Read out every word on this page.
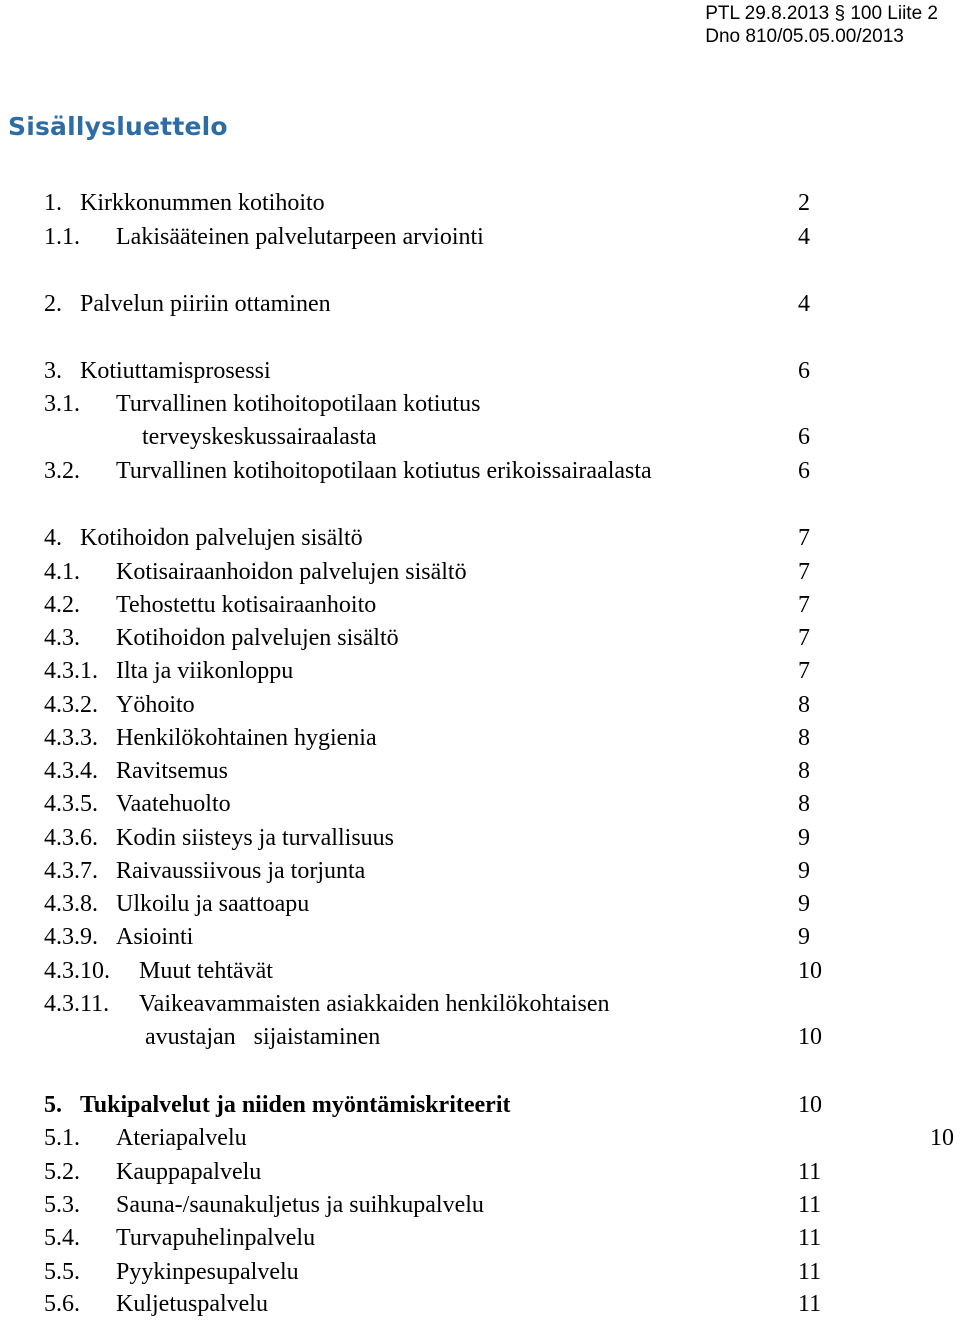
PTL 29.8.2013 § 100 Liite 2
Dno 810/05.05.00/2013
Sisällysluettelo
1. Kirkkonummen kotihoito	2
1.1. Lakisääteinen palvelutarpeen arviointi	4
2. Palvelun piiriin ottaminen	4
3. Kotiuttamisprosessi	6
3.1. Turvallinen kotihoitopotilaan kotiutus
terveyskeskussairaalasta	6
3.2. Turvallinen kotihoitopotilaan kotiutus erikoissairaalasta	6
4. Kotihoidon palvelujen sisältö	7
4.1. Kotisairaanhoidon palvelujen sisältö	7
4.2. Tehostettu kotisairaanhoito	7
4.3. Kotihoidon palvelujen sisältö	7
4.3.1. Ilta ja viikonloppu	7
4.3.2. Yöhoito	8
4.3.3. Henkilökohtainen hygienia	8
4.3.4. Ravitsemus	8
4.3.5. Vaatehuolto	8
4.3.6. Kodin siisteys ja turvallisuus	9
4.3.7. Raivaussiivous ja torjunta	9
4.3.8. Ulkoilu ja saattoapu	9
4.3.9. Asiointi	9
4.3.10. Muut tehtävät	10
4.3.11. Vaikeavammaisten asiakkaiden henkilökohtaisen
avustajan   sijaistaminen	10
5. Tukipalvelut ja niiden myöntämiskriteerit	10
5.1. Ateriapalvelu	10
5.2. Kauppapalvelu	11
5.3. Sauna-/saunakuljetus ja suihkupalvelu	11
5.4. Turvapuhelinpalvelu	11
5.5. Pyykinpesupalvelu	11
5.6. Kuljetuspalvelu	11
